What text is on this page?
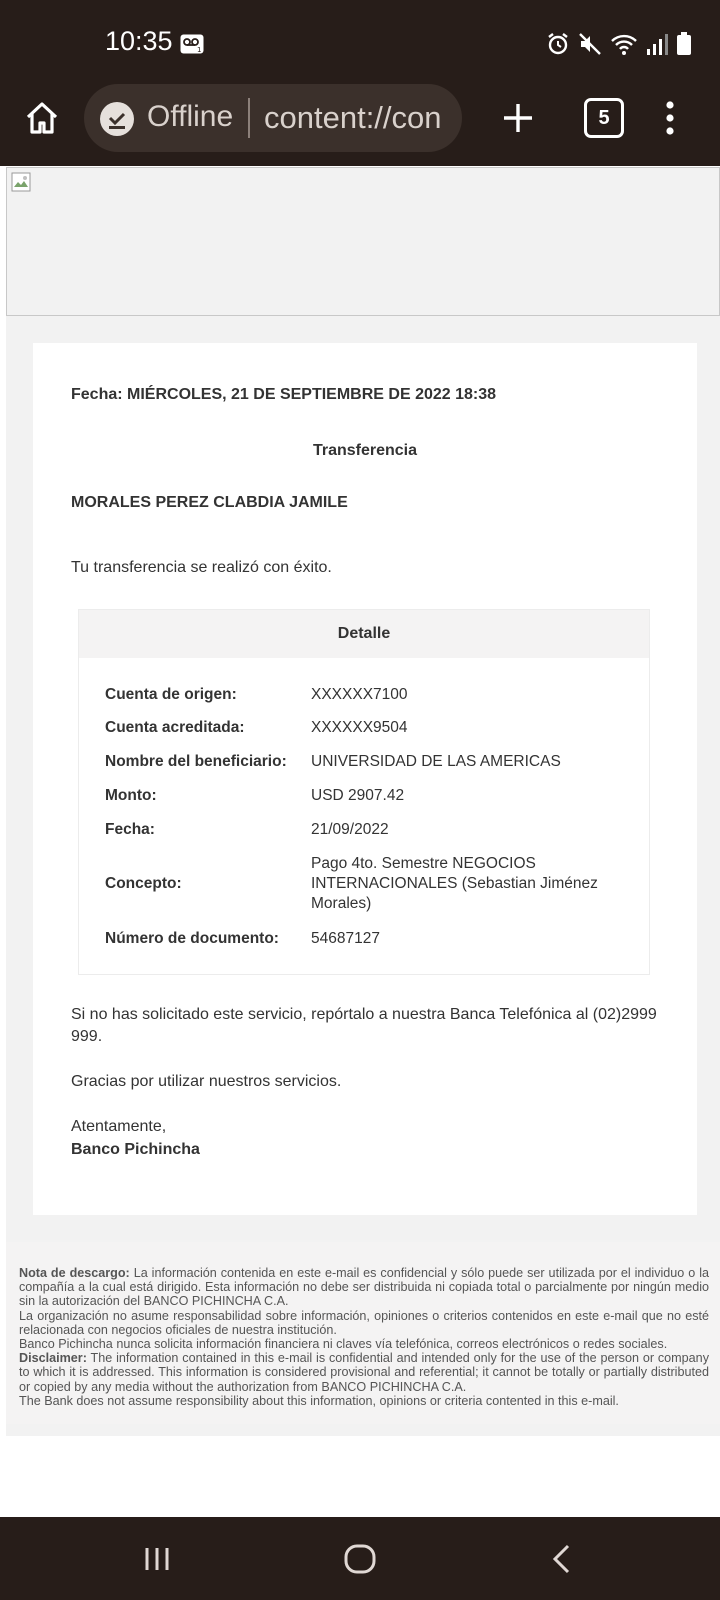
10:35	1
Offline content://con	5
Fecha: MIÉRCOLES, 21 DE SEPTIEMBRE DE 2022 18:38
Transferencia
MORALES PEREZ CLABDIA JAMILE
Tu transferencia se realizó con éxito.
Detalle
Cuenta de origen:	XXXXXX7100
Cuenta acreditada:	XXXXXX9504
Nombre del beneficiario: UNIVERSIDAD DE LAS AMERICAS
Monto:	USD 2907.42
Fecha:	21/09/2022
Concepto:
Pago 4to. Semestre NEGOCIOS INTERNACIONALES (Sebastian Jiménez Morales)
Número de documento: 54687127
Si no has solicitado este servicio, repórtalo a nuestra Banca Telefónica al (02)2999 999.
Gracias por utilizar nuestros servicios.
Atentamente,
Banco Pichincha

Nota de descargo: La información contenida en este e-mail es confidencial y sólo puede ser utilizada por el individuo o la compañía a la cual está dirigido. Esta información no debe ser distribuida ni copiada total o parcialmente por ningún medio sin la autorización del BANCO PICHINCHA C.A.

La organización no asume responsabilidad sobre información, opiniones o criterios contenidos en este e-mail que no esté relacionada con negocios oficiales de nuestra institución.

Banco Pichincha nunca solicita información financiera ni claves vía telefónica, correos electrónicos o redes sociales.

Disclaimer: The information contained in this e-mail is confidential and intended only for the use of the person or company to which it is addressed. This information is considered provisional and referential; it cannot be totally or partially distributed or copied by any media without the authorization from BANCO PICHINCHA C.A.

The Bank does not assume responsibility about this information, opinions or criteria contented in this e-mail.
